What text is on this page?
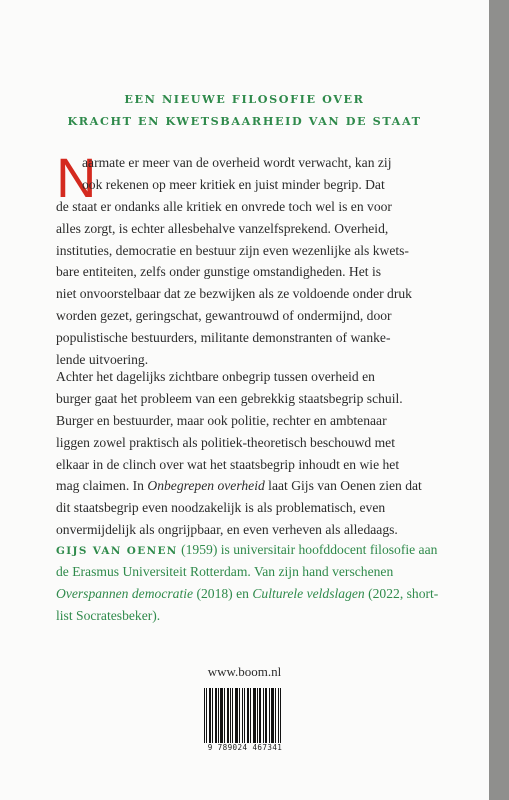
EEN NIEUWE FILOSOFIE OVER
KRACHT EN KWETSBAARHEID VAN DE STAAT
N
aarmate er meer van de overheid wordt verwacht, kan zij
ook rekenen op meer kritiek en juist minder begrip. Dat
de staat er ondanks alle kritiek en onvrede toch wel is en voor
alles zorgt, is echter allesbehalve vanzelfsprekend. Overheid,
instituties, democratie en bestuur zijn even wezenlijke als kwets-
bare entiteiten, zelfs onder gunstige omstandigheden. Het is
niet onvoorstelbaar dat ze bezwijken als ze voldoende onder druk
worden gezet, geringschat, gewantrouwd of ondermijnd, door
populistische bestuurders, militante demonstranten of wanke-
lende uitvoering.
Achter het dagelijks zichtbare onbegrip tussen overheid en
burger gaat het probleem van een gebrekkig staatsbegrip schuil.
Burger en bestuurder, maar ook politie, rechter en ambtenaar
liggen zowel praktisch als politiek-theoretisch beschouwd met
elkaar in de clinch over wat het staatsbegrip inhoudt en wie het
mag claimen. In Onbegrepen overheid laat Gijs van Oenen zien dat
dit staatsbegrip even noodzakelijk is als problematisch, even
onvermijdelijk als ongrijpbaar, en even verheven als alledaags.
GIJS VAN OENEN (1959) is universitair hoofddocent filosofie aan
de Erasmus Universiteit Rotterdam. Van zijn hand verschenen
Overspannen democratie (2018) en Culturele veldslagen (2022, short-
list Socratesbeker).
www.boom.nl
9 789024 467341
